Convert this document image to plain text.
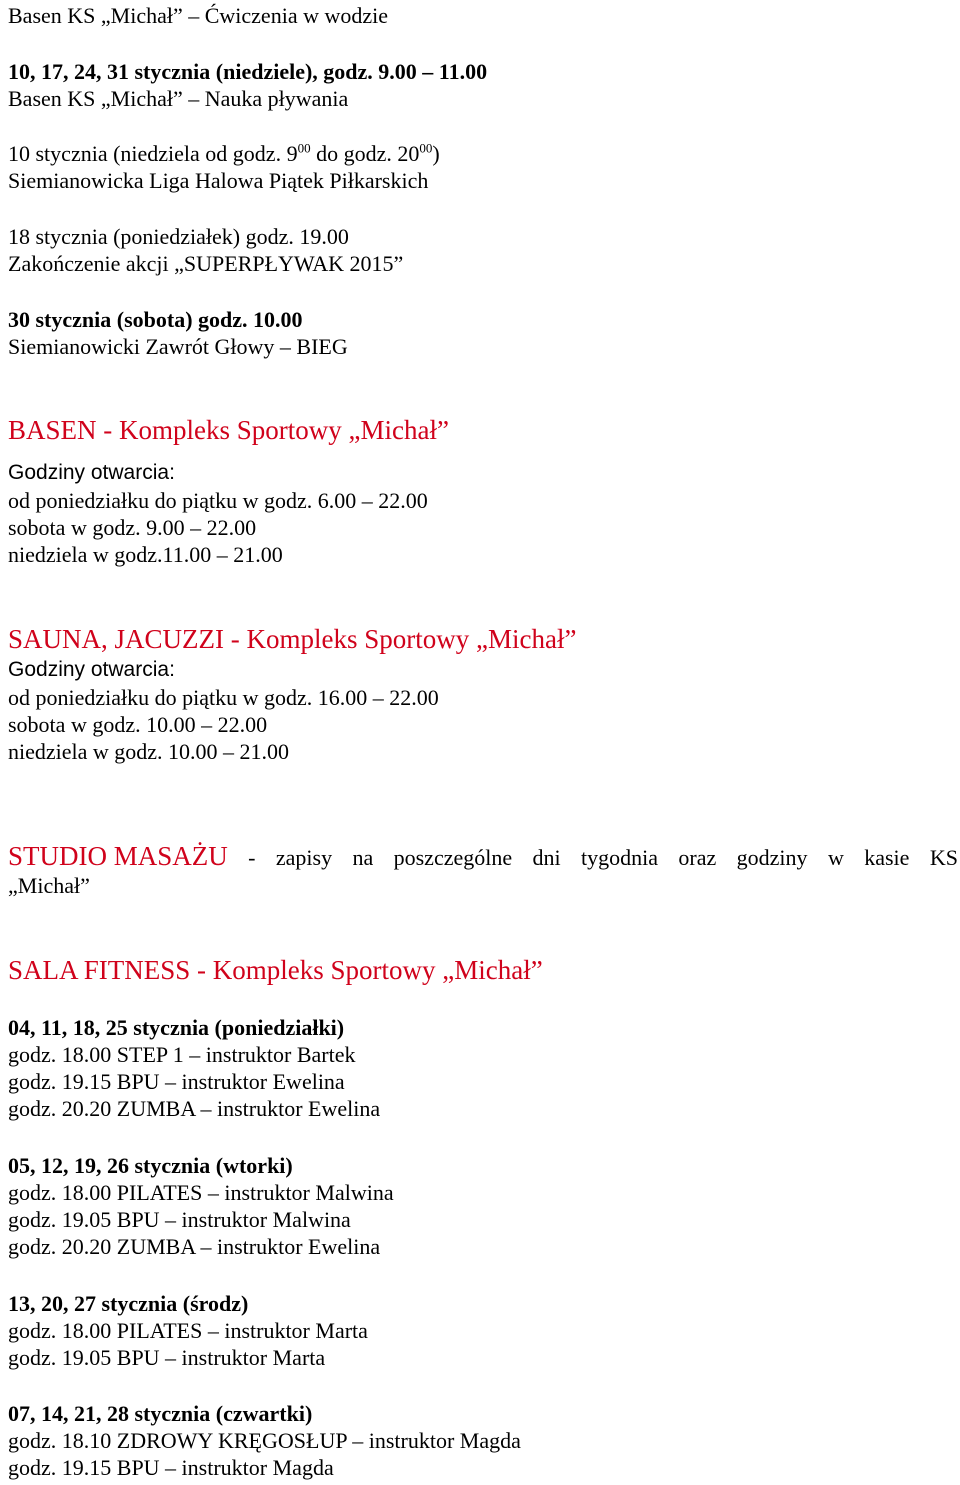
Basen KS „Michał” – Ćwiczenia w wodzie
10, 17, 24, 31 stycznia (niedziele), godz. 9.00 – 11.00
Basen KS „Michał” – Nauka pływania
10 stycznia (niedziela od godz. $9^{00}$ do godz. $20^{00}$)
Siemianowicka Liga Halowa Piątek Piłkarskich
18 stycznia (poniedziałek) godz. 19.00
Zakończenie akcji „SUPERPŁYWAK 2015”
30 stycznia (sobota) godz. 10.00
Siemianowicki Zawrót Głowy – BIEG
BASEN - Kompleks Sportowy „Michał”
Godziny otwarcia:
od poniedziałku do piątku w godz. 6.00 – 22.00
sobota w godz. 9.00 – 22.00
niedziela w godz.11.00 – 21.00
SAUNA, JACUZZI - Kompleks Sportowy „Michał”
Godziny otwarcia:
od poniedziałku do piątku w godz. 16.00 – 22.00
sobota w godz. 10.00 – 22.00
niedziela w godz. 10.00 – 21.00
STUDIO MASAŻU - zapisy na poszczególne dni tygodnia oraz godziny w kasie KS
„Michał”
SALA FITNESS - Kompleks Sportowy „Michał”
04, 11, 18, 25 stycznia (poniedziałki)
godz. 18.00 STEP 1 – instruktor Bartek
godz. 19.15 BPU – instruktor Ewelina
godz. 20.20 ZUMBA – instruktor Ewelina
05, 12, 19, 26 stycznia (wtorki)
godz. 18.00 PILATES – instruktor Malwina
godz. 19.05 BPU – instruktor Malwina
godz. 20.20 ZUMBA – instruktor Ewelina
13, 20, 27 stycznia (środz)
godz. 18.00 PILATES – instruktor Marta
godz. 19.05 BPU – instruktor Marta
07, 14, 21, 28 stycznia (czwartki)
godz. 18.10 ZDROWY KRĘGOSŁUP – instruktor Magda
godz. 19.15 BPU – instruktor Magda
